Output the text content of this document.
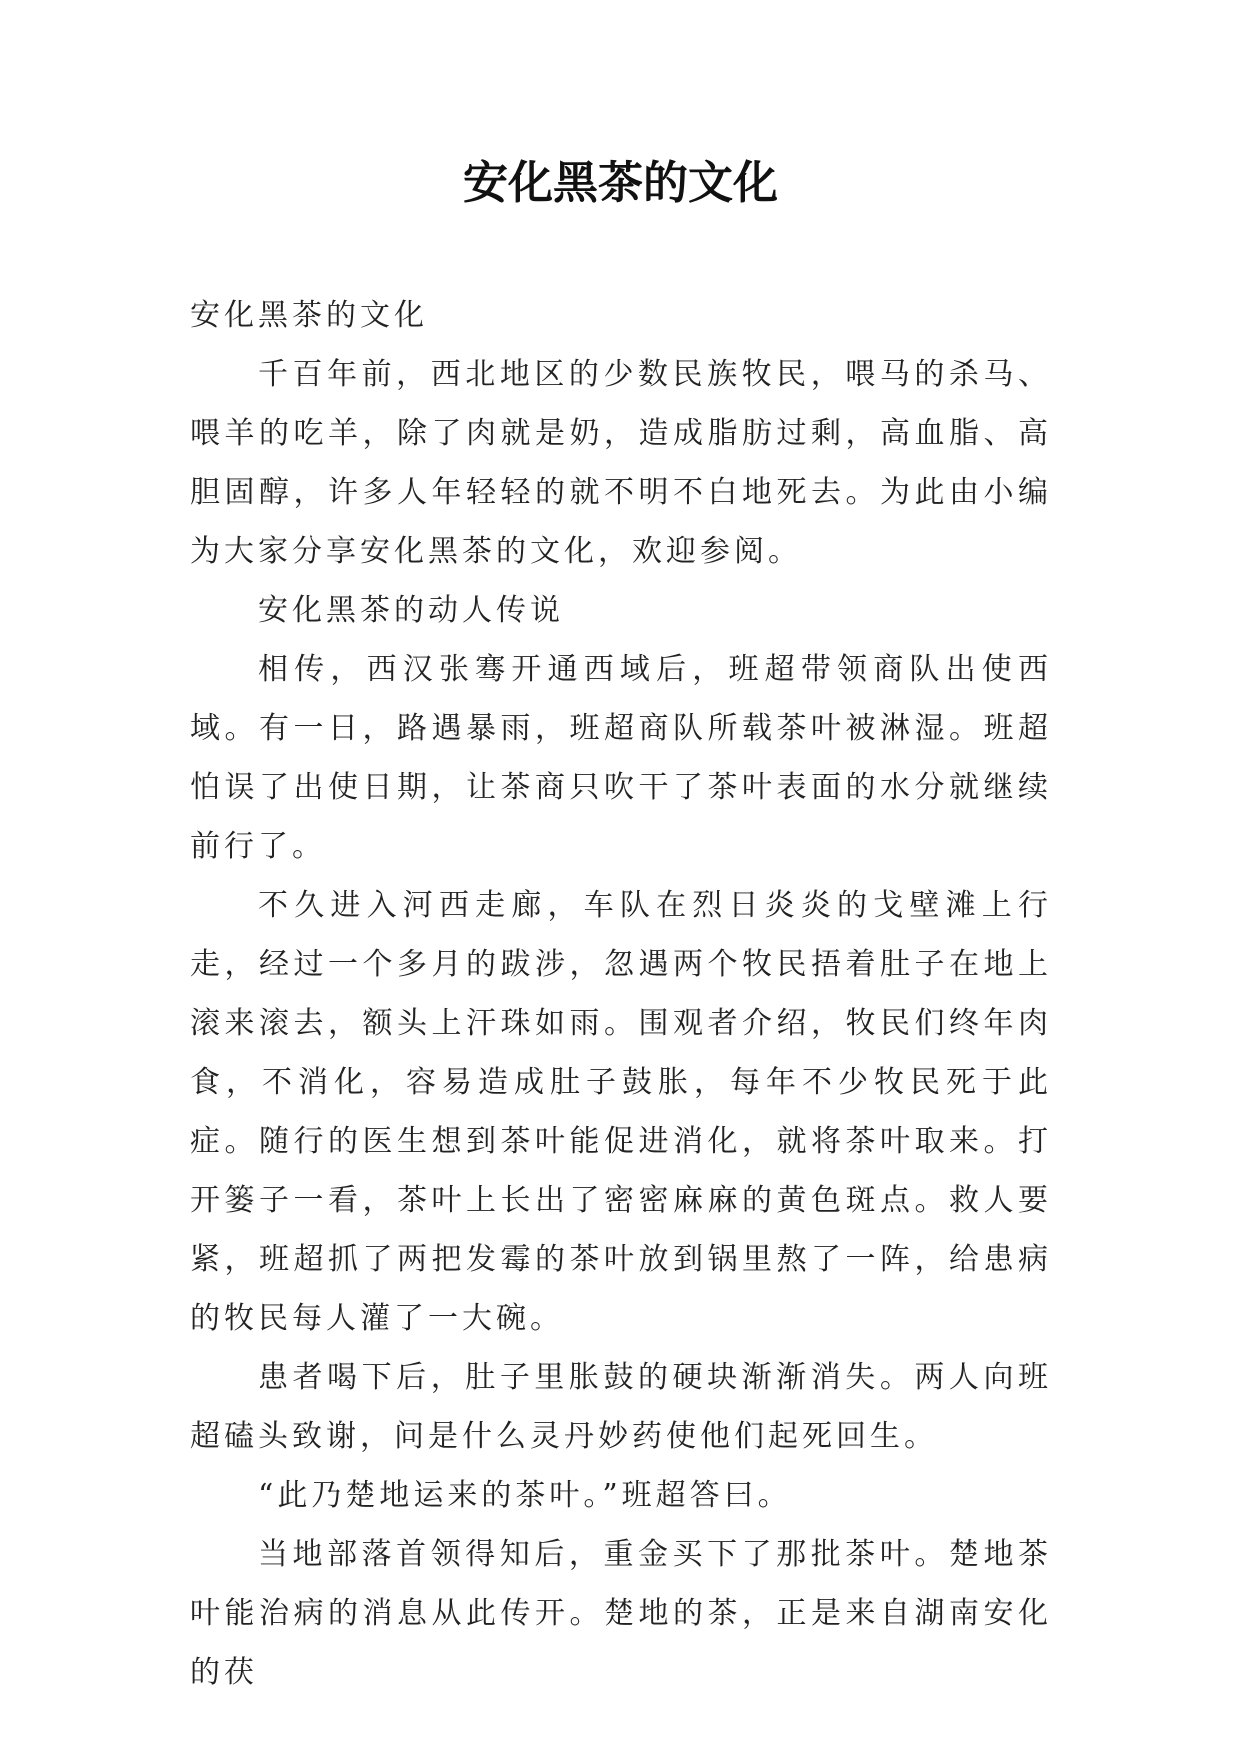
安化黑茶的文化

安化黑茶的文化

千百年前，西北地区的少数民族牧民，喂马的杀马、喂羊的吃羊，除了肉就是奶，造成脂肪过剩，高血脂、高胆固醇，许多人年轻轻的就不明不白地死去。为此由小编为大家分享安化黑茶的文化，欢迎参阅。

安化黑茶的动人传说

相传，西汉张骞开通西域后，班超带领商队出使西域。有一日，路遇暴雨，班超商队所载茶叶被淋湿。班超怕误了出使日期，让茶商只吹干了茶叶表面的水分就继续前行了。

不久进入河西走廊，车队在烈日炎炎的戈壁滩上行走，经过一个多月的跋涉，忽遇两个牧民捂着肚子在地上滚来滚去，额头上汗珠如雨。围观者介绍，牧民们终年肉食，不消化，容易造成肚子鼓胀，每年不少牧民死于此症。随行的医生想到茶叶能促进消化，就将茶叶取来。打开篓子一看，茶叶上长出了密密麻麻的黄色斑点。救人要紧，班超抓了两把发霉的茶叶放到锅里熬了一阵，给患病的牧民每人灌了一大碗。

患者喝下后，肚子里胀鼓的硬块渐渐消失。两人向班超磕头致谢，问是什么灵丹妙药使他们起死回生。

“此乃楚地运来的茶叶。”班超答曰。

当地部落首领得知后，重金买下了那批茶叶。楚地茶叶能治病的消息从此传开。楚地的茶，正是来自湖南安化的茯
